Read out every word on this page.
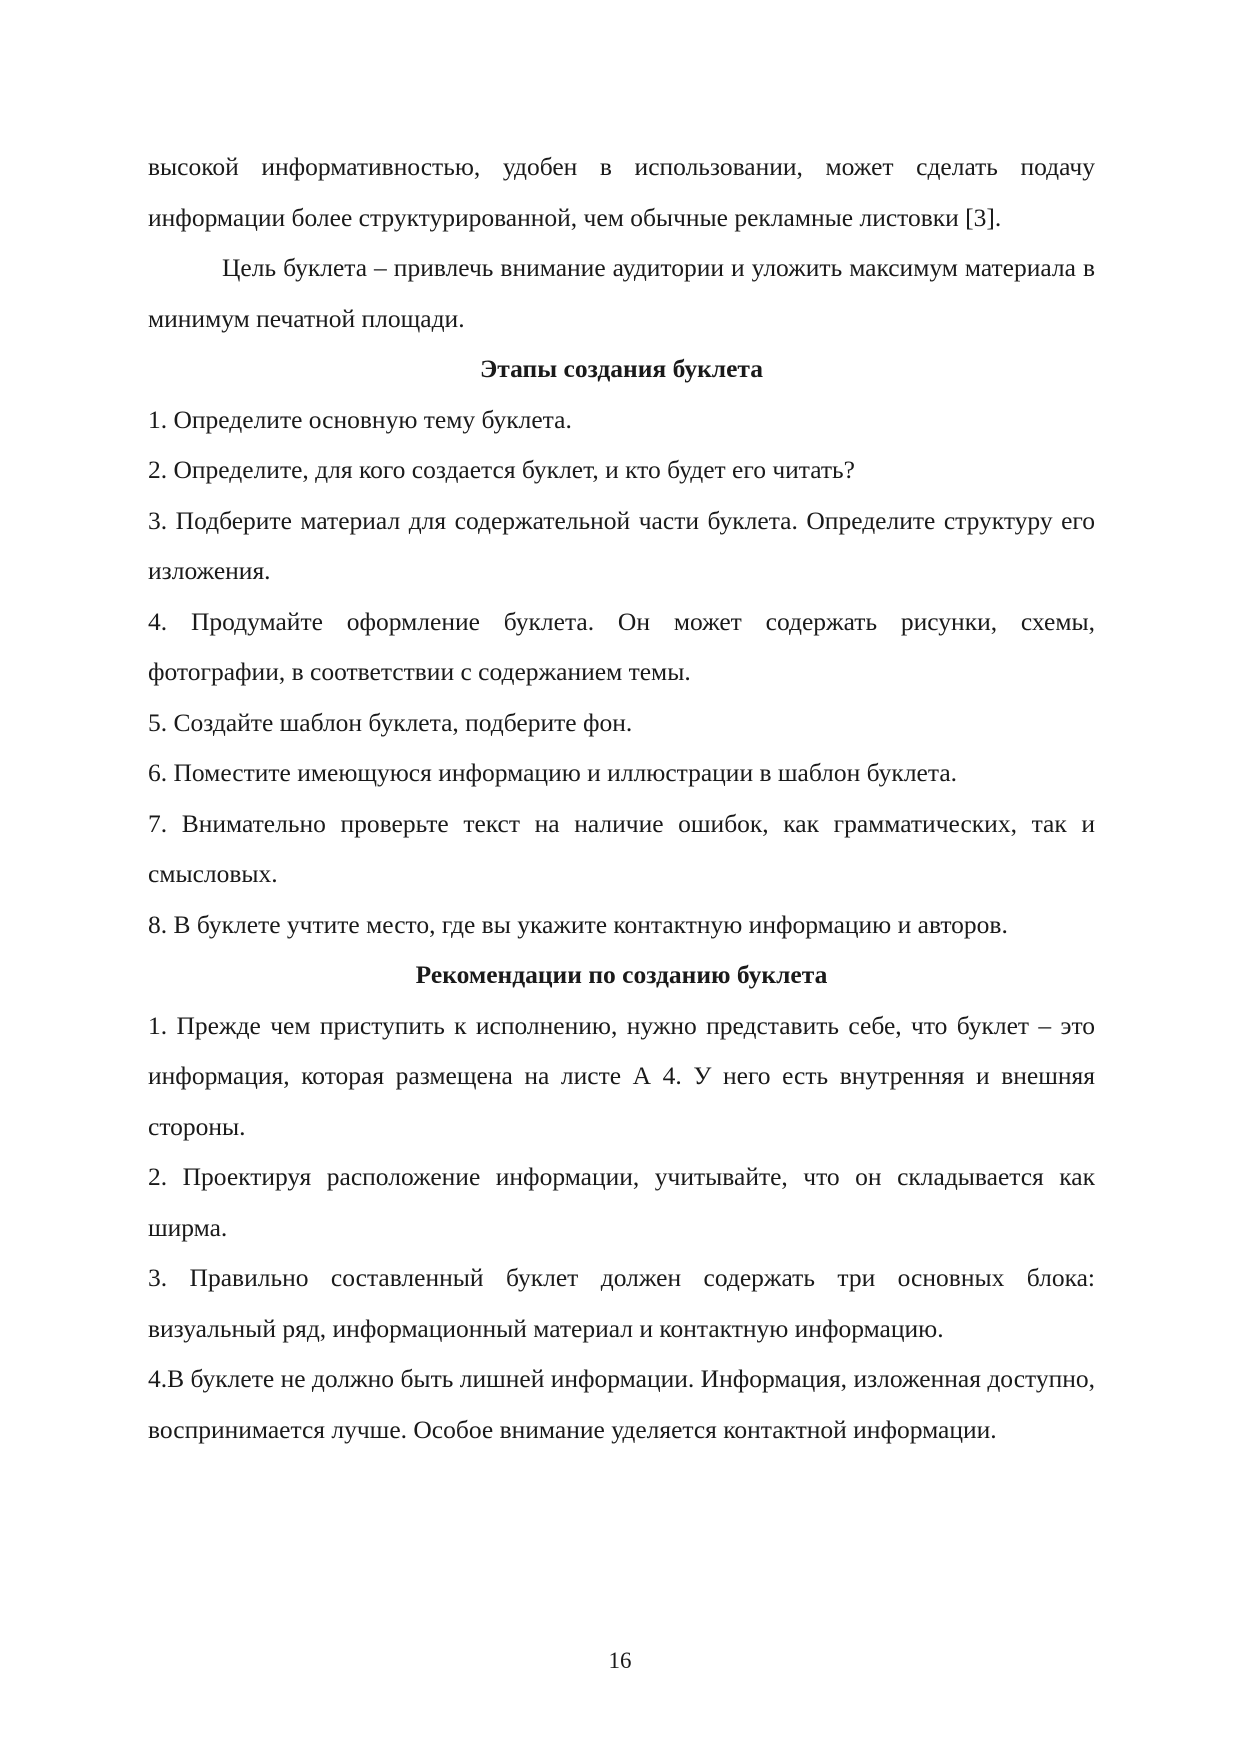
высокой информативностью, удобен в использовании, может сделать подачу информации более структурированной, чем обычные рекламные листовки [3].

Цель буклета – привлечь внимание аудитории и уложить максимум материала в минимум печатной площади.

Этапы создания буклета

1. Определите основную тему буклета.

2. Определите, для кого создается буклет, и кто будет его читать?

3. Подберите материал для содержательной части буклета. Определите структуру его изложения.

4. Продумайте оформление буклета. Он может содержать рисунки, схемы, фотографии, в соответствии с содержанием темы.

5. Создайте шаблон буклета, подберите фон.

6. Поместите имеющуюся информацию и иллюстрации в шаблон буклета.

7. Внимательно проверьте текст на наличие ошибок, как грамматических, так и смысловых.

8. В буклете учтите место, где вы укажите контактную информацию и авторов.

Рекомендации по созданию буклета

1. Прежде чем приступить к исполнению, нужно представить себе, что буклет – это информация, которая размещена на листе А 4. У него есть внутренняя и внешняя стороны.

2. Проектируя расположение информации, учитывайте, что он складывается как ширма.

3. Правильно составленный буклет должен содержать три основных блока: визуальный ряд, информационный материал и контактную информацию.

4.В буклете не должно быть лишней информации. Информация, изложенная доступно, воспринимается лучше. Особое внимание уделяется контактной информации.

16
